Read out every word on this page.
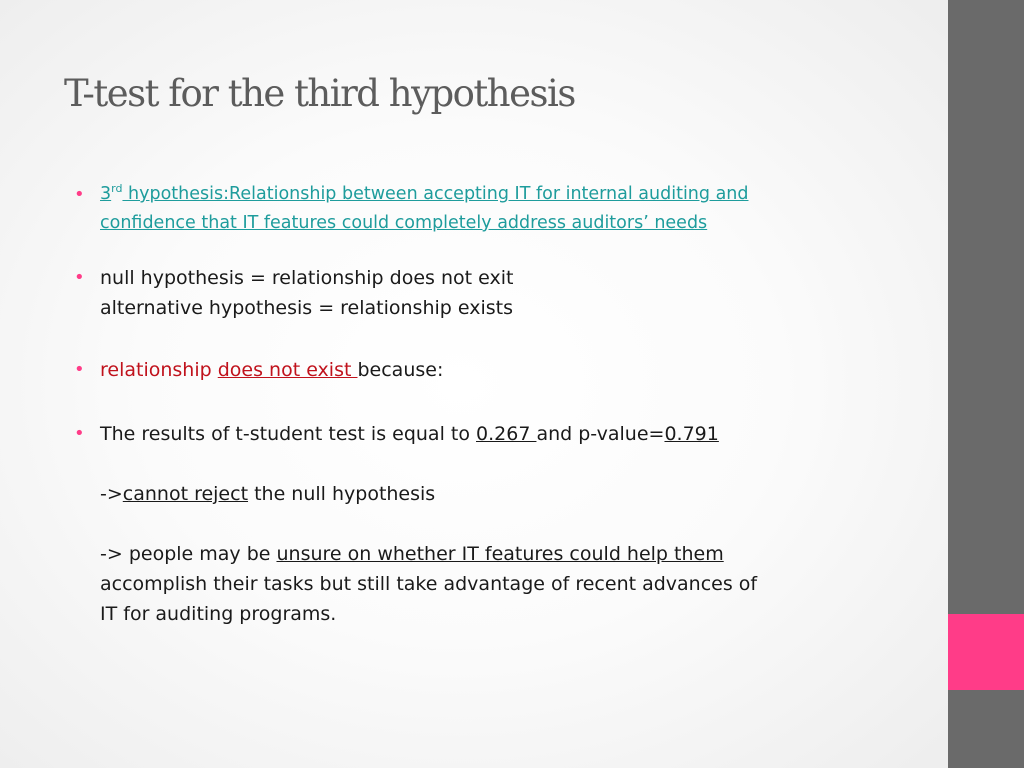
T-test for the third hypothesis
• 3rd hypothesis:Relationship between accepting IT for internal auditing and
confidence that IT features could completely address auditors’ needs
• null hypothesis = relationship does not exit
alternative hypothesis = relationship exists
• relationship does not exist because:
• The results of t-student test is equal to 0.267 and p-value=0.791
->cannot reject the null hypothesis
-> people may be unsure on whether IT features could help them
accomplish their tasks but still take advantage of recent advances of
IT for auditing programs.
